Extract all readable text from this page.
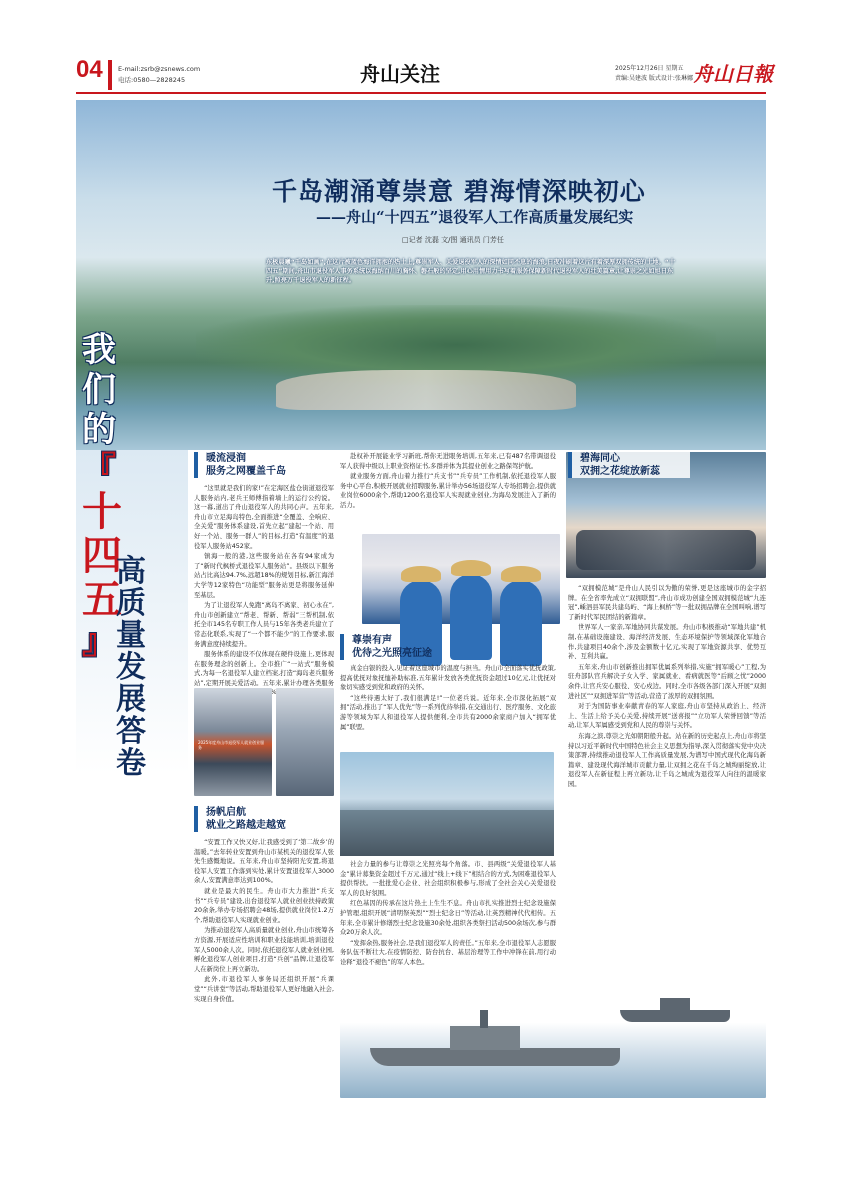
04 E-mail:zsrb@zsnews.com
电话:0580—2828245	舟山关注	2025年12月26日 星期五
责编:吴建波 版式设计:张琳娜 舟山日報
千岛潮涌尊崇意 碧海情深映初心
——舟山“十四五”退役军人工作高质量发展纪实
□记者 沈磊 文/图 通讯员 门芳任
东极晨曦“千岛如画”,在这片被蓝色海洋拥抱的热土上,尊崇军人、关爱退役军人的深情如同不息的海浪,日夜冲刷着这片有着深厚双拥传统的土地。“十四五”期间,舟山市退役军人事务系统以海纳百川的胸怀、磐石般的坚定,用心用情用力书写着服务保障新时代退役军人的壮美篇章,让尊崇之光如旭日东升,照亮万千退役军人的新征程。
我
们
的
『
十四五
』
高质量发展答卷
暖流浸润
服务之网覆盖千岛

“这里就是我们的家!”在定海区盐仓街道退役军人服务站内,老兵王师傅指着墙上的运行公约说。这一幕,道出了舟山退役军人的共同心声。五年来,舟山市立足海岛特色,全面推进“全覆盖、全响应、全关爱”服务体系建设,首先立起“建起一个站、用好一个站、服务一群人”的目标,打造“有温度”的退役军人服务站452家。

镇海一般的港,这些服务站在各有94家成为了“新时代枫桥式退役军人服务站”。县级以下服务站占比高达94.7%,远超18%的规划目标,新江海洋大学等12家特色“功能型”服务站更是将服务延伸至基层。

为了让退役军人免跑“离岛不离家、初心永在”,舟山市创新建立“帮老、帮新、帮弱”三帮机制,依托全市145名专职工作人员与15年各类老兵建立了常态化联系,实现了“一个都不能少”的工作要求,服务满意度持续提升。

服务体系的建设不仅体现在硬件设施上,更体现在服务理念的创新上。全市推广“一站式”服务模式,为每一名退役军人建立档案,打造“海岛老兵服务站”,定期开展关爱活动。五年来,累计办理各类服务 98%。

2025年度舟山市退役军人就业创业服务
扬帆启航
就业之路越走越宽

“安置工作又快又好,让我感受到了‘第二故乡’的温暖。”去年转业安置到舟山市某机关的退役军人张先生感慨地说。五年来,舟山市坚持阳光安置,将退役军人安置工作落到实处,累计安置退役军人3000余人,安置满意率达到100%。

就业是最大的民生。舟山市大力推进“兵支书”“兵专员”建设,出台退役军人就业创业扶持政策20余条,举办专场招聘会48场,提供就业岗位1.2万个,帮助退役军人实现就业创业。

为推动退役军人高质量就业创业,舟山市统筹各方资源,开展适应性培训和职业技能培训,培训退役军人5000余人次。同时,依托退役军人就业创业园,孵化退役军人创业项目,打造“兵创”品牌,让退役军人在新岗位上再立新功。

此外,市退役军人事务局还组织开展“兵课堂”“兵讲堂”等活动,帮助退役军人更好地融入社会,实现自身价值。

赴权补开展能业学习新班,帮你无进眼务培训,五年来,已有487名带调退役军人获得中级以上职业资格证书,多群并体为其提业创业之路保驾护航。

就业服务方面,舟山着力推行“兵支书”“兵专员”工作机制,依托退役军人服务中心平台,积极开展就业招聘服务,累计举办56场退役军人专场招聘会,提供就业岗位6000余个,帮助1200名退役军人实现就业创业,为海岛发展注入了新的活力。

尊崇有声
优待之光照亮征途

真金白银的投入,见证着这座城市的温度与担当。舟山市全面落实优抚政策,提高优抚对象抚恤补助标准,五年累计发放各类优抚资金超过10亿元,让优抚对象切实感受到党和政府的关怀。

“这些待遇太好了,我们很满足!”一位老兵说。近年来,全市深化拓展“双拥”活动,推出了“军人优先”等一系列优待举措,在交通出行、医疗服务、文化旅游等领域为军人和退役军人提供便利,全市共有2000余家商户加入“拥军优属”联盟。

社会力量的参与让尊崇之光照亮每个角落。市、县两级“关爱退役军人基金”累计募集资金超过千万元,通过“线上+线下”相结合的方式,为困难退役军人提供帮扶。一批批爱心企业、社会组织积极参与,形成了全社会关心关爱退役军人的良好氛围。

红色基因的传承在这片热土上生生不息。舟山市扎实推进烈士纪念设施保护管理,组织开展“清明祭英烈”“烈士纪念日”等活动,让英烈精神代代相传。五年来,全市累计修缮烈士纪念设施30余处,组织各类祭扫活动500余场次,参与群众20万余人次。

“发挥余热,服务社会,是我们退役军人的责任。”五年来,全市退役军人志愿服务队伍不断壮大,在疫情防控、防台抗台、基层治理等工作中冲锋在前,用行动诠释“退役不褪色”的军人本色。

碧海同心
双拥之花绽放新蕊

“双拥模范城”是舟山人民引以为傲的荣誉,更是这座城市的金字招牌。在全省率先成立“双拥联盟”,舟山市成功创建全国双拥模范城“九连冠”,嵊泗县军民共建岛屿、“海上枫桥”等一批双拥品牌在全国叫响,谱写了新时代军民团结的新篇章。

世界军人一家亲,军地协同共谋发展。舟山市积极推动“军地共建”机制,在基础设施建设、海洋经济发展、生态环境保护等领域深化军地合作,共建项目40余个,涉及金额数十亿元,实现了军地资源共享、优势互补、互利共赢。

五年来,舟山市创新推出拥军优属系列举措,实施“拥军暖心”工程,为驻舟部队官兵解决子女入学、家属就业、看病就医等“后顾之忧”2000余件,让官兵安心服役、安心戍边。同时,全市各级各部门深入开展“双拥进社区”“双拥进军营”等活动,营造了浓厚的双拥氛围。

对于为国防事业奉献青春的军人家庭,舟山市坚持从政治上、经济上、生活上给予关心关爱,持续开展“送喜报”“立功军人荣誉回馈”等活动,让军人军属感受到党和人民的尊崇与关怀。

东海之滨,尊崇之光如朝阳般升起。站在新的历史起点上,舟山市将坚持以习近平新时代中国特色社会主义思想为指导,深入贯彻落实党中央决策部署,持续推动退役军人工作高质量发展,为谱写中国式现代化海岛新篇章、建设现代海洋城市贡献力量,让双拥之花在千岛之城绚丽绽放,让退役军人在新征程上再立新功,让千岛之城成为退役军人向往的温暖家园。
